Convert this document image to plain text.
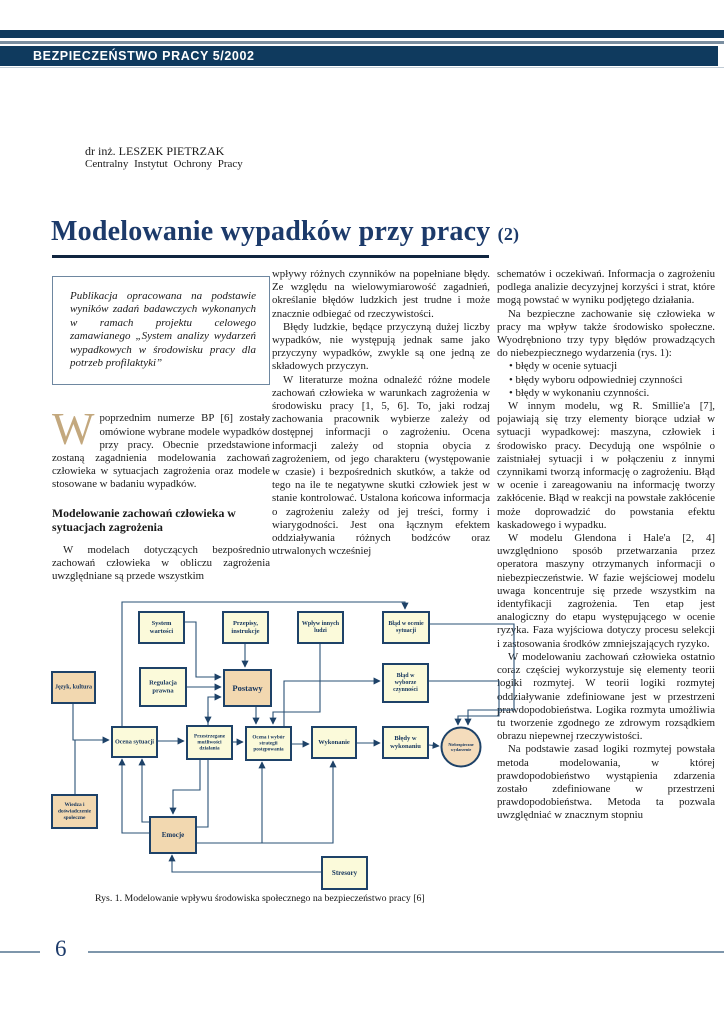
BEZPIECZEŃSTWO PRACY 5/2002
dr inż. LESZEK PIETRZAK
Centralny Instytut Ochrony Pracy
Modelowanie wypadków przy pracy (2)

Publikacja opracowana na podstawie wyników zadań badawczych wykonanych w ramach projektu celowego zamawianego „System analizy wydarzeń wypadkowych w środowisku pracy dla potrzeb profilaktyki”

W poprzednim numerze BP [6] zostały omówione wybrane modele wypadków przy pracy. Obecnie przedstawione zostaną zagadnienia modelowania zachowań człowieka w sytuacjach zagrożenia oraz modele stosowane w badaniu wypadków.

Modelowanie zachowań człowieka w sytuacjach zagrożenia

W modelach dotyczących bezpośrednio zachowań człowieka w obliczu zagrożenia uwzględniane są przede wszystkim

wpływy różnych czynników na popełniane błędy. Ze względu na wielowymiarowość zagadnień, określanie błędów ludzkich jest trudne i może znacznie odbiegać od rzeczywistości.

Błędy ludzkie, będące przyczyną dużej liczby wypadków, nie występują jednak same jako przyczyny wypadków, zwykle są one jedną ze składowych przyczyn.

W literaturze można odnaleźć różne modele zachowań człowieka w warunkach zagrożenia w środowisku pracy [1, 5, 6]. To, jaki rodzaj zachowania pracownik wybierze zależy od dostępnej informacji o zagrożeniu. Ocena informacji zależy od stopnia obycia z zagrożeniem, od jego charakteru (występowanie w czasie) i bezpośrednich skutków, a także od tego na ile te negatywne skutki człowiek jest w stanie kontrolować. Ustalona końcowa informacja o zagrożeniu zależy od jej treści, formy i wiarygodności. Jest ona łącznym efektem oddziaływania różnych bodźców oraz utrwalonych wcześniej

schematów i oczekiwań. Informacja o zagrożeniu podlega analizie decyzyjnej korzyści i strat, które mogą powstać w wyniku podjętego działania.

Na bezpieczne zachowanie się człowieka w pracy ma wpływ także środowisko społeczne. Wyodrębniono trzy typy błędów prowadzących do niebezpiecznego wydarzenia (rys. 1):

• błędy w ocenie sytuacji

• błędy wyboru odpowiedniej czynności

• błędy w wykonaniu czynności.

W innym modelu, wg R. Smillie'a [7], pojawiają się trzy elementy biorące udział w sytuacji wypadkowej: maszyna, człowiek i środowisko pracy. Decydują one wspólnie o zaistniałej sytuacji i w połączeniu z innymi czynnikami tworzą informację o zagrożeniu. Błąd w ocenie i zareagowaniu na informację tworzy zakłócenie. Błąd w reakcji na powstałe zakłócenie może doprowadzić do powstania efektu kaskadowego i wypadku.

W modelu Glendona i Hale'a [2, 4] uwzględniono sposób przetwarzania przez operatora maszyny otrzymanych informacji o niebezpieczeństwie. W fazie wejściowej modelu uwaga koncentruje się przede wszystkim na identyfikacji zagrożenia. Ten etap jest analogiczny do etapu występującego w ocenie ryzyka. Faza wyjściowa dotyczy procesu selekcji i zastosowania środków zmniejszających ryzyko.

W modelowaniu zachowań człowieka ostatnio coraz częściej wykorzystuje się elementy teorii logiki rozmytej. W teorii logiki rozmytej oddziaływanie zdefiniowane jest w przestrzeni prawdopodobieństwa. Logika rozmyta umożliwia tu tworzenie zgodnego ze zdrowym rozsądkiem obrazu niepewnej rzeczywistości.

Na podstawie zasad logiki rozmytej powstała metoda modelowania, w której prawdopodobieństwo wystąpienia zdarzenia zostało zdefiniowane w przestrzeni prawdopodobieństwa. Metoda ta pozwala uwzględniać w znacznym stopniu

System wartości
Przepisy, instrukcje
Wpływ innych ludzi
Błąd w ocenie sytuacji
Język, kultura
Regulacja prawna	Postawy
Błąd w wyborze czynności
Ocena sytuacji
Przestrzegane możliwości działania
Ocena i wybór strategii postępowania
Wykonanie
Błędy w wykonaniu	Niebezpieczne wydarzenie
Wiedza i doświadczenie społeczne
Emocje
Stresory
Rys. 1. Modelowanie wpływu środowiska społecznego na bezpieczeństwo pracy [6]
6
